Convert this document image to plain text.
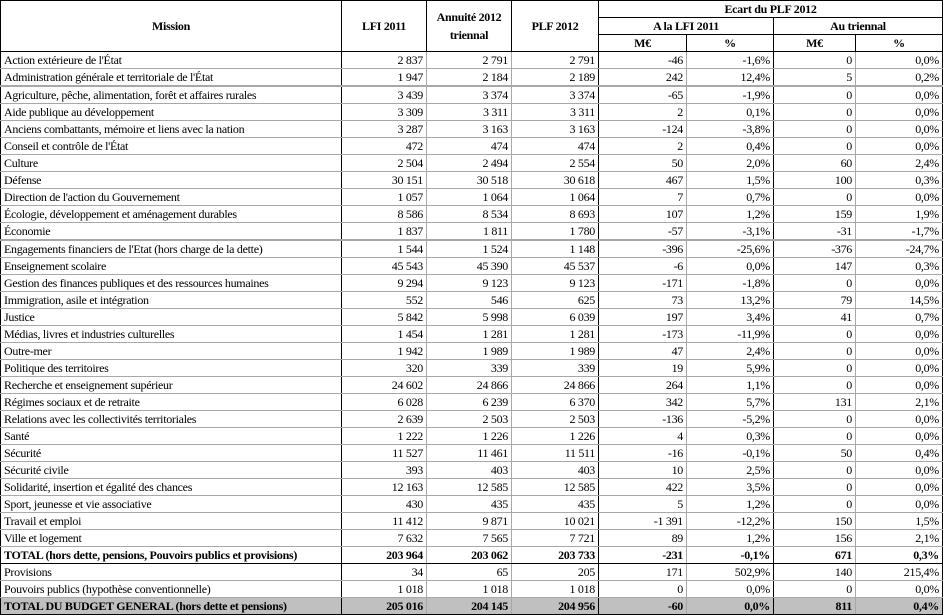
Mission	LFI 2011	Annuité 2012 triennal	PLF 2012	Ecart du PLF 2012			
				A la LFI 2011		Au triennal	
				M€	%	M€	%
Action extérieure de l'État	2 837	2 791	2 791	-46	-1,6%	0	0,0%
Administration générale et territoriale de l'État	1 947	2 184	2 189	242	12,4%	5	0,2%
Agriculture, pêche, alimentation, forêt et affaires rurales	3 439	3 374	3 374	-65	-1,9%	0	0,0%
Aide publique au développement	3 309	3 311	3 311	2	0,1%	0	0,0%
Anciens combattants, mémoire et liens avec la nation	3 287	3 163	3 163	-124	-3,8%	0	0,0%
Conseil et contrôle de l'État	472	474	474	2	0,4%	0	0,0%
Culture	2 504	2 494	2 554	50	2,0%	60	2,4%
Défense	30 151	30 518	30 618	467	1,5%	100	0,3%
Direction de l'action du Gouvernement	1 057	1 064	1 064	7	0,7%	0	0,0%
Écologie, développement et aménagement durables	8 586	8 534	8 693	107	1,2%	159	1,9%
Économie	1 837	1 811	1 780	-57	-3,1%	-31	-1,7%
Engagements financiers de l'Etat (hors charge de la dette)	1 544	1 524	1 148	-396	-25,6%	-376	-24,7%
Enseignement scolaire	45 543	45 390	45 537	-6	0,0%	147	0,3%
Gestion des finances publiques et des ressources humaines	9 294	9 123	9 123	-171	-1,8%	0	0,0%
Immigration, asile et intégration	552	546	625	73	13,2%	79	14,5%
Justice	5 842	5 998	6 039	197	3,4%	41	0,7%
Médias, livres et industries culturelles	1 454	1 281	1 281	-173	-11,9%	0	0,0%
Outre-mer	1 942	1 989	1 989	47	2,4%	0	0,0%
Politique des territoires	320	339	339	19	5,9%	0	0,0%
Recherche et enseignement supérieur	24 602	24 866	24 866	264	1,1%	0	0,0%
Régimes sociaux et de retraite	6 028	6 239	6 370	342	5,7%	131	2,1%
Relations avec les collectivités territoriales	2 639	2 503	2 503	-136	-5,2%	0	0,0%
Santé	1 222	1 226	1 226	4	0,3%	0	0,0%
Sécurité	11 527	11 461	11 511	-16	-0,1%	50	0,4%
Sécurité civile	393	403	403	10	2,5%	0	0,0%
Solidarité, insertion et égalité des chances	12 163	12 585	12 585	422	3,5%	0	0,0%
Sport, jeunesse et vie associative	430	435	435	5	1,2%	0	0,0%
Travail et emploi	11 412	9 871	10 021	-1 391	-12,2%	150	1,5%
Ville et logement	7 632	7 565	7 721	89	1,2%	156	2,1%
TOTAL (hors dette, pensions, Pouvoirs publics et provisions)	203 964	203 062	203 733	-231	-0,1%	671	0,3%
Provisions	34	65	205	171	502,9%	140	215,4%
Pouvoirs publics (hypothèse conventionnelle)	1 018	1 018	1 018	0	0,0%	0	0,0%
TOTAL DU BUDGET GENERAL (hors dette et pensions)	205 016	204 145	204 956	-60	0,0%	811	0,4%
